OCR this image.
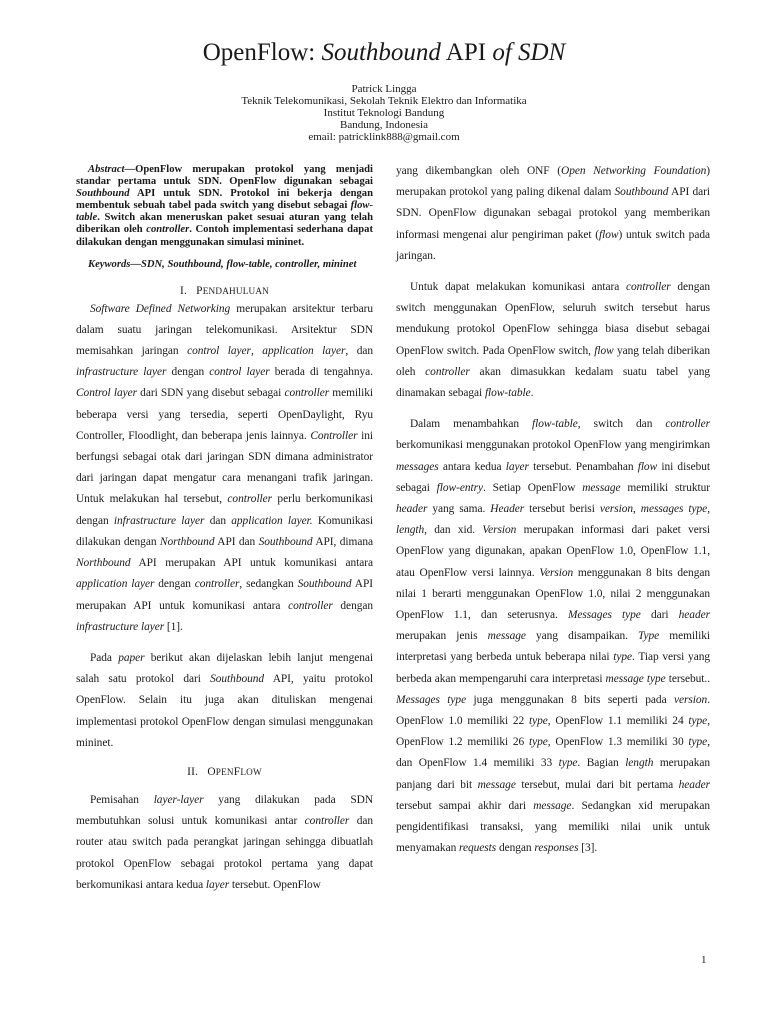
OpenFlow: Southbound API of SDN
Patrick Lingga
Teknik Telekomunikasi, Sekolah Teknik Elektro dan Informatika
Institut Teknologi Bandung
Bandung, Indonesia
email: patricklink888@gmail.com

Abstract—OpenFlow merupakan protokol yang menjadi standar pertama untuk SDN. OpenFlow digunakan sebagai Southbound API untuk SDN. Protokol ini bekerja dengan membentuk sebuah tabel pada switch yang disebut sebagai flow-table. Switch akan meneruskan paket sesuai aturan yang telah diberikan oleh controller. Contoh implementasi sederhana dapat dilakukan dengan menggunakan simulasi mininet.

Keywords—SDN, Southbound, flow-table, controller, mininet

I. PENDAHULUAN

Software Defined Networking merupakan arsitektur terbaru dalam suatu jaringan telekomunikasi. Arsitektur SDN memisahkan jaringan control layer, application layer, dan infrastructure layer dengan control layer berada di tengahnya. Control layer dari SDN yang disebut sebagai controller memiliki beberapa versi yang tersedia, seperti OpenDaylight, Ryu Controller, Floodlight, dan beberapa jenis lainnya. Controller ini berfungsi sebagai otak dari jaringan SDN dimana administrator dari jaringan dapat mengatur cara menangani trafik jaringan. Untuk melakukan hal tersebut, controller perlu berkomunikasi dengan infrastructure layer dan application layer. Komunikasi dilakukan dengan Northbound API dan Southbound API, dimana Northbound API merupakan API untuk komunikasi antara application layer dengan controller, sedangkan Southbound API merupakan API untuk komunikasi antara controller dengan infrastructure layer [1].

Pada paper berikut akan dijelaskan lebih lanjut mengenai salah satu protokol dari Southbound API, yaitu protokol OpenFlow. Selain itu juga akan dituliskan mengenai implementasi protokol OpenFlow dengan simulasi menggunakan mininet.

II. OPENFLOW

Pemisahan layer-layer yang dilakukan pada SDN membutuhkan solusi untuk komunikasi antar controller dan router atau switch pada perangkat jaringan sehingga dibuatlah protokol OpenFlow sebagai protokol pertama yang dapat berkomunikasi antara kedua layer tersebut. OpenFlow

yang dikembangkan oleh ONF (Open Networking Foundation) merupakan protokol yang paling dikenal dalam Southbound API dari SDN. OpenFlow digunakan sebagai protokol yang memberikan informasi mengenai alur pengiriman paket (flow) untuk switch pada jaringan.

Untuk dapat melakukan komunikasi antara controller dengan switch menggunakan OpenFlow, seluruh switch tersebut harus mendukung protokol OpenFlow sehingga biasa disebut sebagai OpenFlow switch. Pada OpenFlow switch, flow yang telah diberikan oleh controller akan dimasukkan kedalam suatu tabel yang dinamakan sebagai flow-table.

Dalam menambahkan flow-table, switch dan controller berkomunikasi menggunakan protokol OpenFlow yang mengirimkan messages antara kedua layer tersebut. Penambahan flow ini disebut sebagai flow-entry. Setiap OpenFlow message memiliki struktur header yang sama. Header tersebut berisi version, messages type, length, dan xid. Version merupakan informasi dari paket versi OpenFlow yang digunakan, apakan OpenFlow 1.0, OpenFlow 1.1, atau OpenFlow versi lainnya. Version menggunakan 8 bits dengan nilai 1 berarti menggunakan OpenFlow 1.0, nilai 2 menggunakan OpenFlow 1.1, dan seterusnya. Messages type dari header merupakan jenis message yang disampaikan. Type memiliki interpretasi yang berbeda untuk beberapa nilai type. Tiap versi yang berbeda akan mempengaruhi cara interpretasi message type tersebut.. Messages type juga menggunakan 8 bits seperti pada version. OpenFlow 1.0 memiliki 22 type, OpenFlow 1.1 memiliki 24 type, OpenFlow 1.2 memiliki 26 type, OpenFlow 1.3 memiliki 30 type, dan OpenFlow 1.4 memiliki 33 type. Bagian length merupakan panjang dari bit message tersebut, mulai dari bit pertama header tersebut sampai akhir dari message. Sedangkan xid merupakan pengidentifikasi transaksi, yang memiliki nilai unik untuk menyamakan requests dengan responses [3].

1
